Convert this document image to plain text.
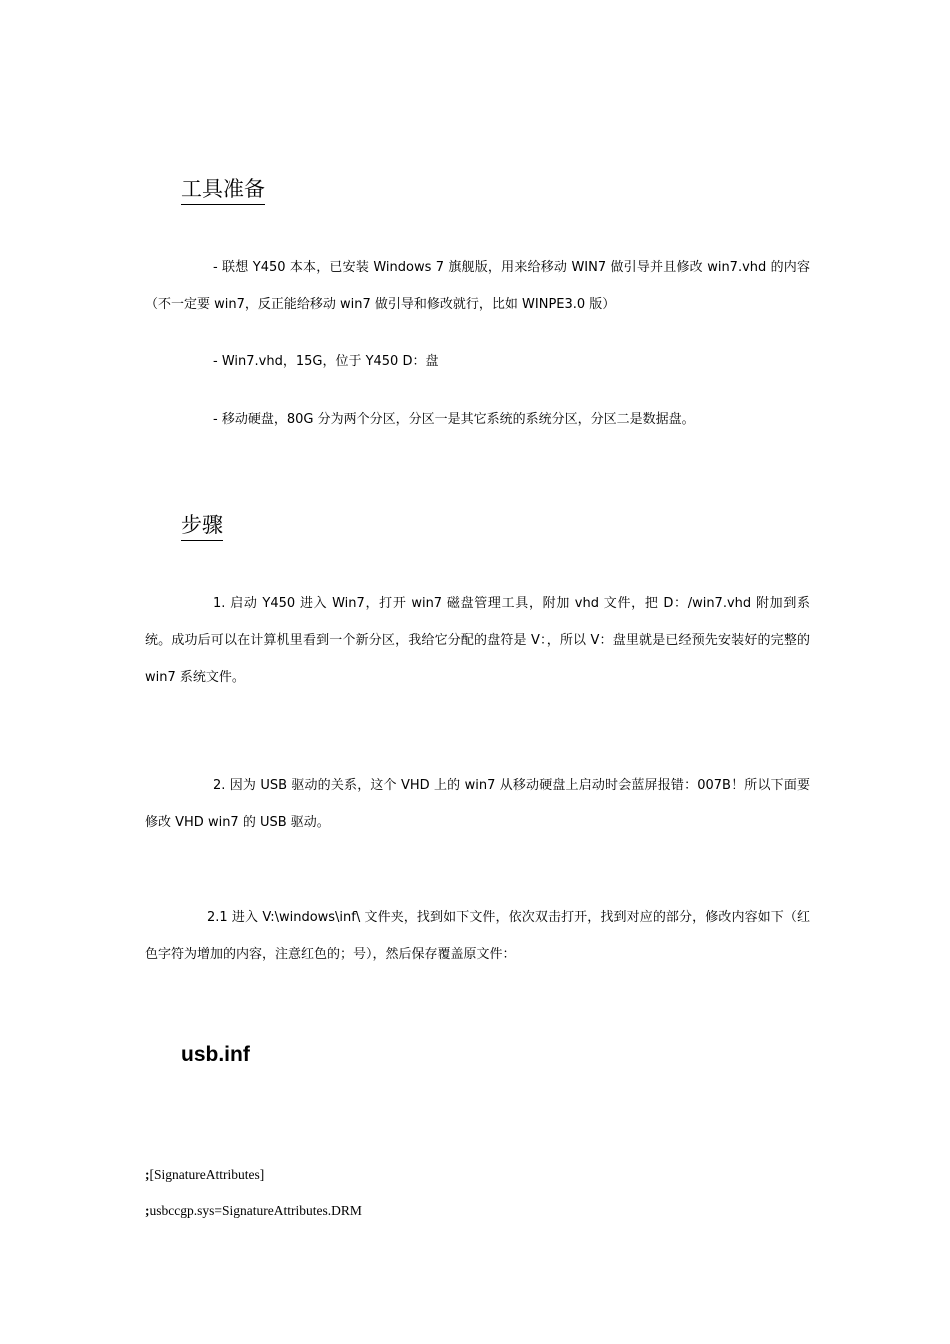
工具准备
- 联想 Y450 本本，已安装 Windows 7 旗舰版，用来给移动 WIN7 做引导并且修改 win7.vhd 的内容（不一定要 win7，反正能给移动 win7 做引导和修改就行，比如 WINPE3.0 版）
- Win7.vhd，15G，位于 Y450 D：盘
- 移动硬盘，80G 分为两个分区，分区一是其它系统的系统分区，分区二是数据盘。
步骤
1. 启动 Y450 进入 Win7，打开 win7 磁盘管理工具，附加 vhd 文件，把 D：/win7.vhd 附加到系统。成功后可以在计算机里看到一个新分区，我给它分配的盘符是 V：，所以 V：盘里就是已经预先安装好的完整的 win7 系统文件。
2. 因为 USB 驱动的关系，这个 VHD 上的 win7 从移动硬盘上启动时会蓝屏报错：007B！所以下面要修改 VHD win7 的 USB 驱动。
2.1 进入 V:\windows\inf\ 文件夹，找到如下文件，依次双击打开，找到对应的部分，修改内容如下（红色字符为增加的内容，注意红色的；号），然后保存覆盖原文件：
usb.inf
;[SignatureAttributes]
;usbccgp.sys=SignatureAttributes.DRM
